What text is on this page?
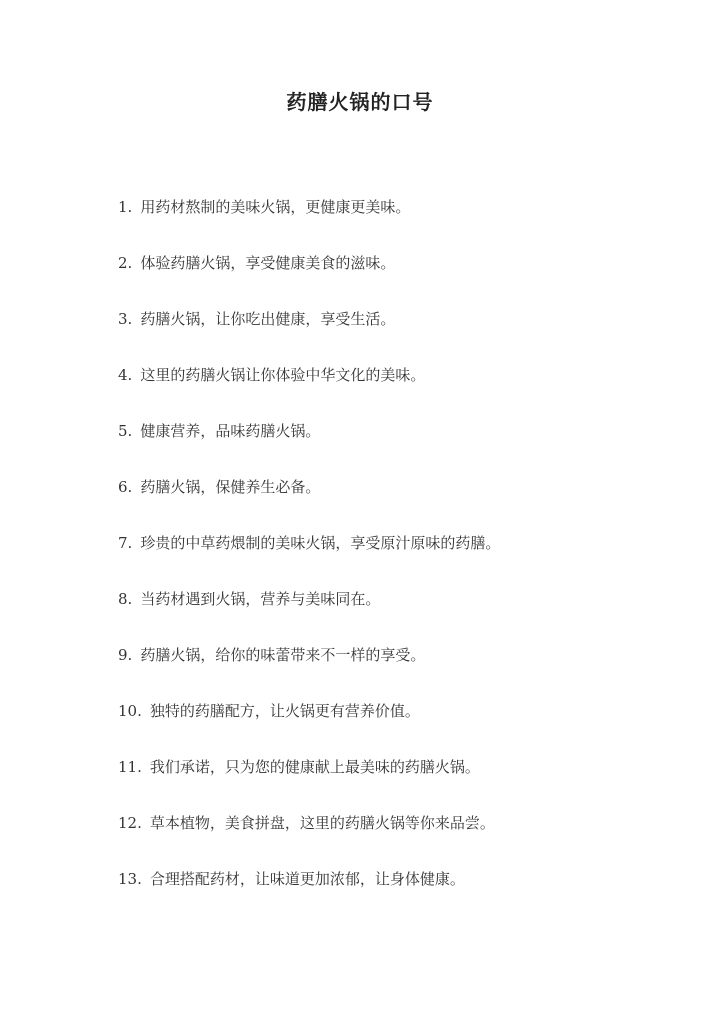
药膳火锅的口号
1. 用药材熬制的美味火锅，更健康更美味。
2. 体验药膳火锅，享受健康美食的滋味。
3. 药膳火锅，让你吃出健康，享受生活。
4. 这里的药膳火锅让你体验中华文化的美味。
5. 健康营养，品味药膳火锅。
6. 药膳火锅，保健养生必备。
7. 珍贵的中草药煨制的美味火锅，享受原汁原味的药膳。
8. 当药材遇到火锅，营养与美味同在。
9. 药膳火锅，给你的味蕾带来不一样的享受。
10. 独特的药膳配方，让火锅更有营养价值。
11. 我们承诺，只为您的健康献上最美味的药膳火锅。
12. 草本植物，美食拼盘，这里的药膳火锅等你来品尝。
13. 合理搭配药材，让味道更加浓郁，让身体健康。
